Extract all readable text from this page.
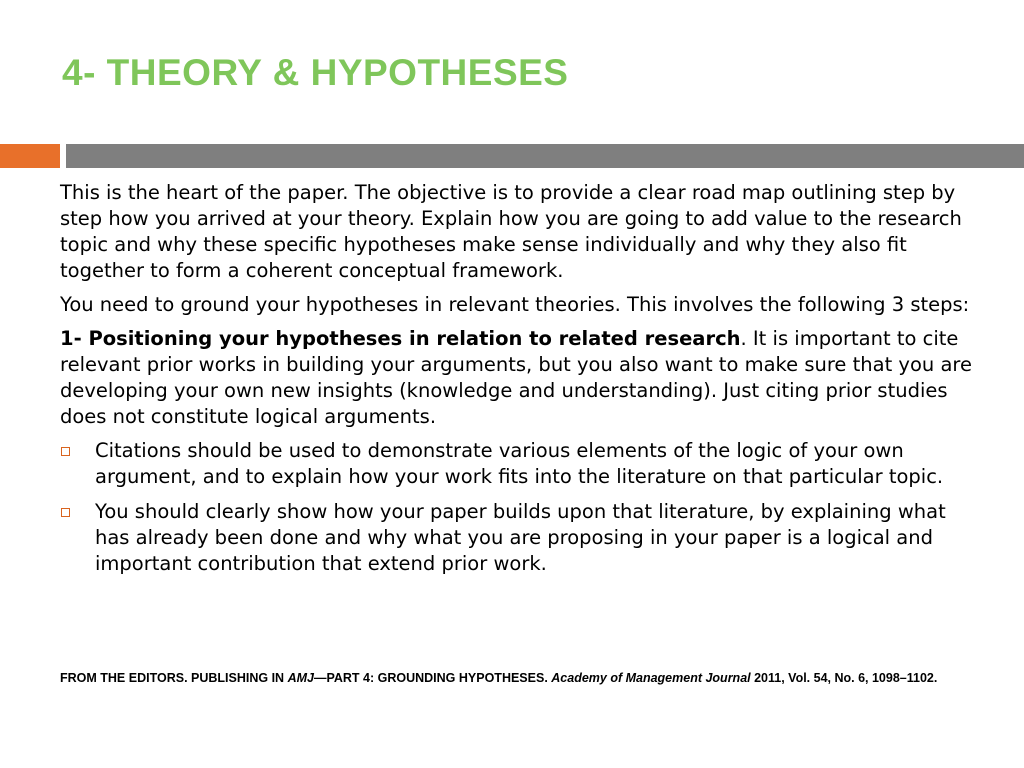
4- THEORY & HYPOTHESES

This is the heart of the paper. The objective is to provide a clear road map outlining step by step how you arrived at your theory. Explain how you are going to add value to the research topic and why these specific hypotheses make sense individually and why they also fit together to form a coherent conceptual framework.

You need to ground your hypotheses in relevant theories. This involves the following 3 steps:

1- Positioning your hypotheses in relation to related research. It is important to cite relevant prior works in building your arguments, but you also want to make sure that you are developing your own new insights (knowledge and understanding). Just citing prior studies does not constitute logical arguments.

Citations should be used to demonstrate various elements of the logic of your own argument, and to explain how your work fits into the literature on that particular topic.
You should clearly show how your paper builds upon that literature, by explaining what has already been done and why what you are proposing in your paper is a logical and important contribution that extend prior work.
FROM THE EDITORS. PUBLISHING IN AMJ—PART 4: GROUNDING HYPOTHESES. Academy of Management Journal 2011, Vol. 54, No. 6, 1098–1102.
